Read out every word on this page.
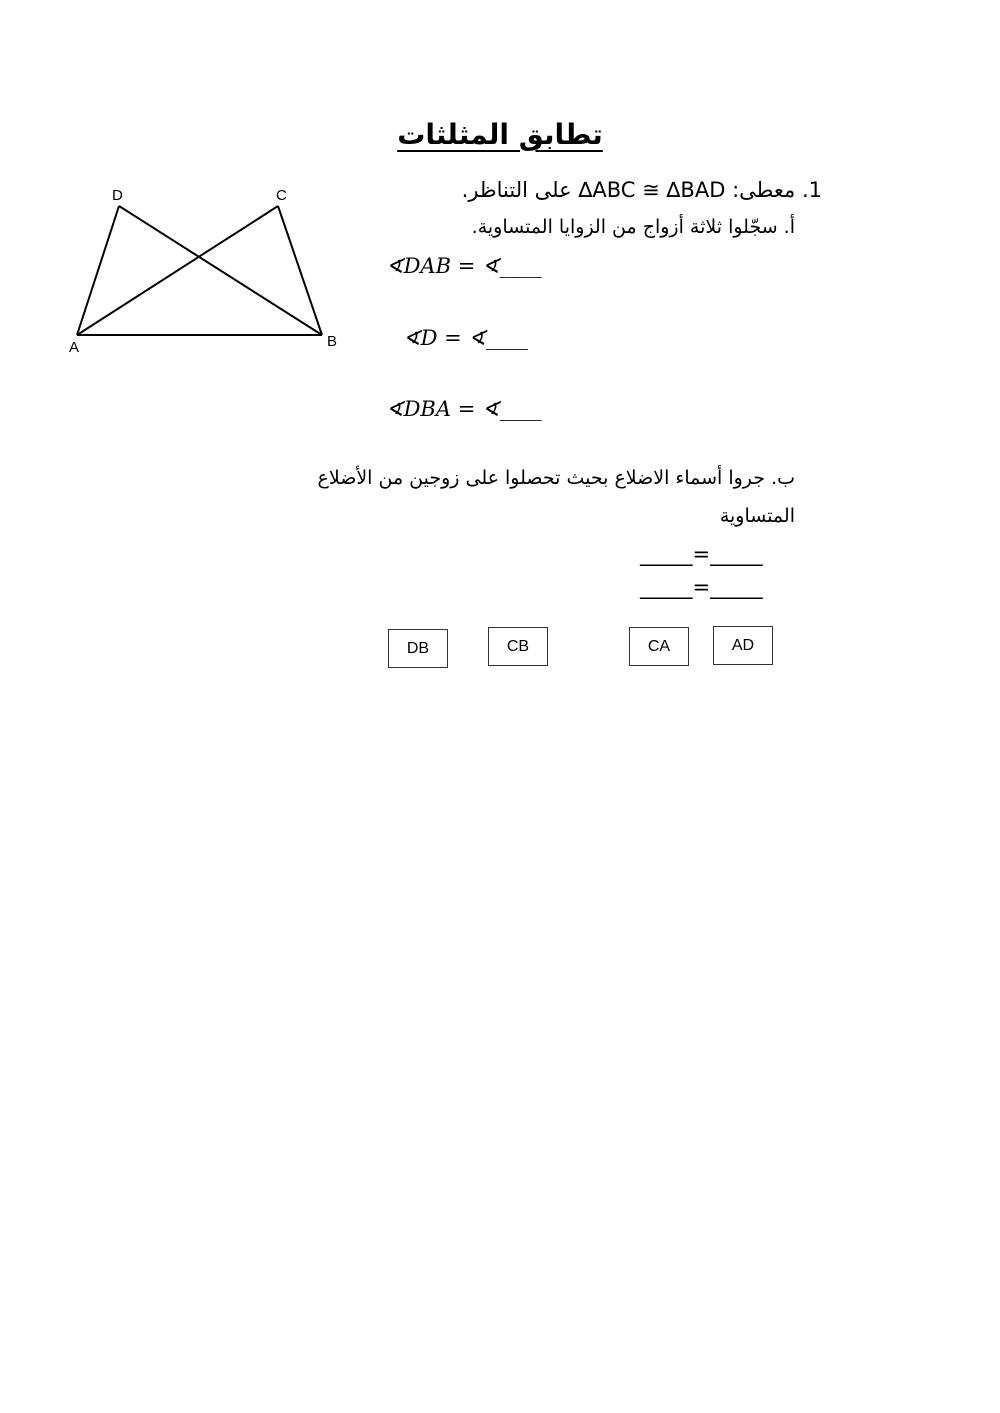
تطابق المثلثات
D	C
A	B
1. معطى: ∆ABC ≅ ∆BAD على التناظر.
أ. سجّلوا ثلاثة أزواج من الزوايا المتساوية.
∢DAB = ∢____
∢D = ∢____
∢DBA = ∢____
ب. جروا أسماء الاضلاع بحيث تحصلوا على زوجين من الأضلاع
المتساوية
_____=_____
_____=_____
DB	CB	CA	AD
